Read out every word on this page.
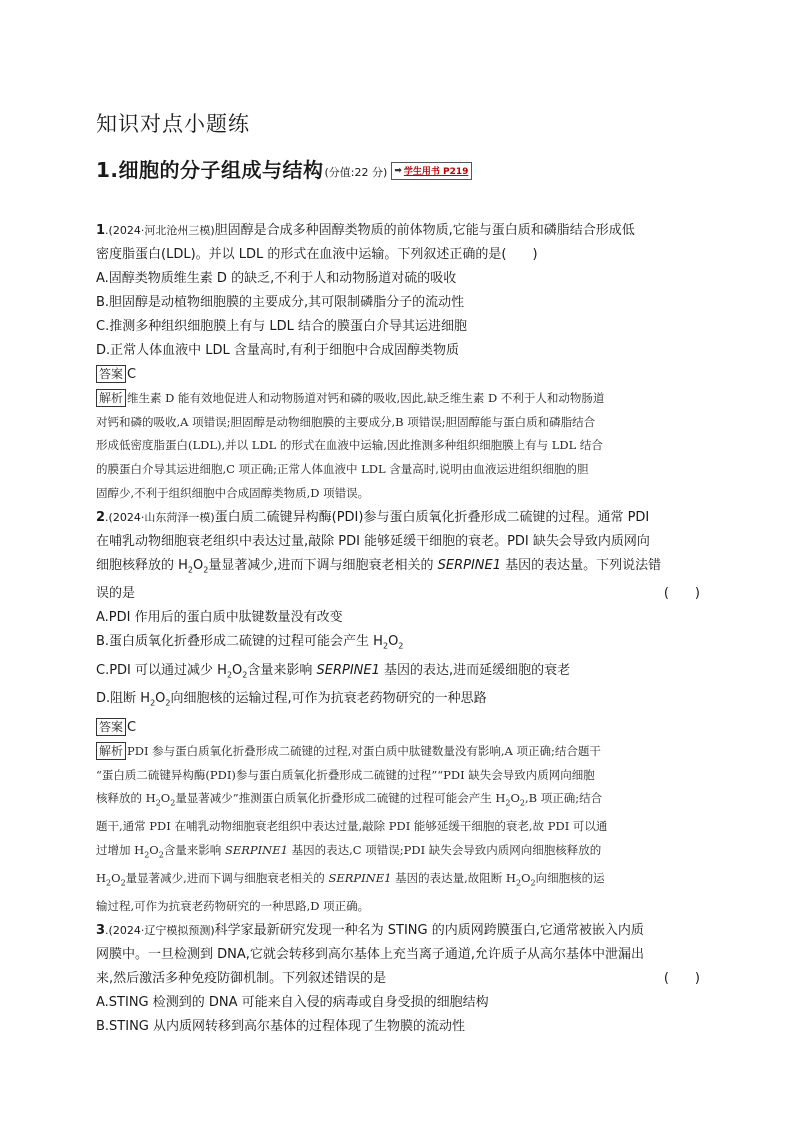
知识对点小题练
1.细胞的分子组成与结构 (分值:22 分) ➡ 学生用书 P219

1.(2024·河北沧州三模)胆固醇是合成多种固醇类物质的前体物质,它能与蛋白质和磷脂结合形成低

密度脂蛋白(LDL)。并以 LDL 的形式在血液中运输。下列叙述正确的是(　　)

A.固醇类物质维生素 D 的缺乏,不利于人和动物肠道对硫的吸收

B.胆固醇是动植物细胞膜的主要成分,其可限制磷脂分子的流动性

C.推测多种组织细胞膜上有与 LDL 结合的膜蛋白介导其运进细胞

D.正常人体血液中 LDL 含量高时,有利于细胞中合成固醇类物质

答案 C

解析 维生素 D 能有效地促进人和动物肠道对钙和磷的吸收,因此,缺乏维生素 D 不利于人和动物肠道
对钙和磷的吸收,A 项错误;胆固醇是动物细胞膜的主要成分,B 项错误;胆固醇能与蛋白质和磷脂结合
形成低密度脂蛋白(LDL),并以 LDL 的形式在血液中运输,因此推测多种组织细胞膜上有与 LDL 结合
的膜蛋白介导其运进细胞,C 项正确;正常人体血液中 LDL 含量高时,说明由血液运进组织细胞的胆
固醇少,不利于组织细胞中合成固醇类物质,D 项错误。

2.(2024·山东菏泽一模)蛋白质二硫键异构酶(PDI)参与蛋白质氧化折叠形成二硫键的过程。通常 PDI

在哺乳动物细胞衰老组织中表达过量,敲除 PDI 能够延缓干细胞的衰老。PDI 缺失会导致内质网向

细胞核释放的 $H_2O_2$量显著减少,进而下调与细胞衰老相关的 SERPINE1 基因的表达量。下列说法错

误的是	(　　)

A.PDI 作用后的蛋白质中肽键数量没有改变

B.蛋白质氧化折叠形成二硫键的过程可能会产生 $H_2O_2$

C.PDI 可以通过减少 $H_2O_2$含量来影响 SERPINE1 基因的表达,进而延缓细胞的衰老

D.阻断 $H_2O_2$向细胞核的运输过程,可作为抗衰老药物研究的一种思路

答案 C

解析 PDI 参与蛋白质氧化折叠形成二硫键的过程,对蛋白质中肽键数量没有影响,A 项正确;结合题干
“蛋白质二硫键异构酶(PDI)参与蛋白质氧化折叠形成二硫键的过程”“PDI 缺失会导致内质网向细胞
核释放的 $H_2O_2$量显著减少”推测蛋白质氧化折叠形成二硫键的过程可能会产生 $H_2O_2,B$ 项正确;结合
题干,通常 PDI 在哺乳动物细胞衰老组织中表达过量,敲除 PDI 能够延缓干细胞的衰老,故 PDI 可以通
过增加 $H_2O_2$含量来影响 SERPINE1 基因的表达,C 项错误;PDI 缺失会导致内质网向细胞核释放的
$H_2O_2$量显著减少,进而下调与细胞衰老相关的 SERPINE1 基因的表达量,故阻断 $H_2O_2$向细胞核的运
输过程,可作为抗衰老药物研究的一种思路,D 项正确。

3.(2024·辽宁模拟预测)科学家最新研究发现一种名为 STING 的内质网跨膜蛋白,它通常被嵌入内质

网膜中。一旦检测到 DNA,它就会转移到高尔基体上充当离子通道,允许质子从高尔基体中泄漏出

来,然后激活多种免疫防御机制。下列叙述错误的是	(　　)

A.STING 检测到的 DNA 可能来自入侵的病毒或自身受损的细胞结构

B.STING 从内质网转移到高尔基体的过程体现了生物膜的流动性
